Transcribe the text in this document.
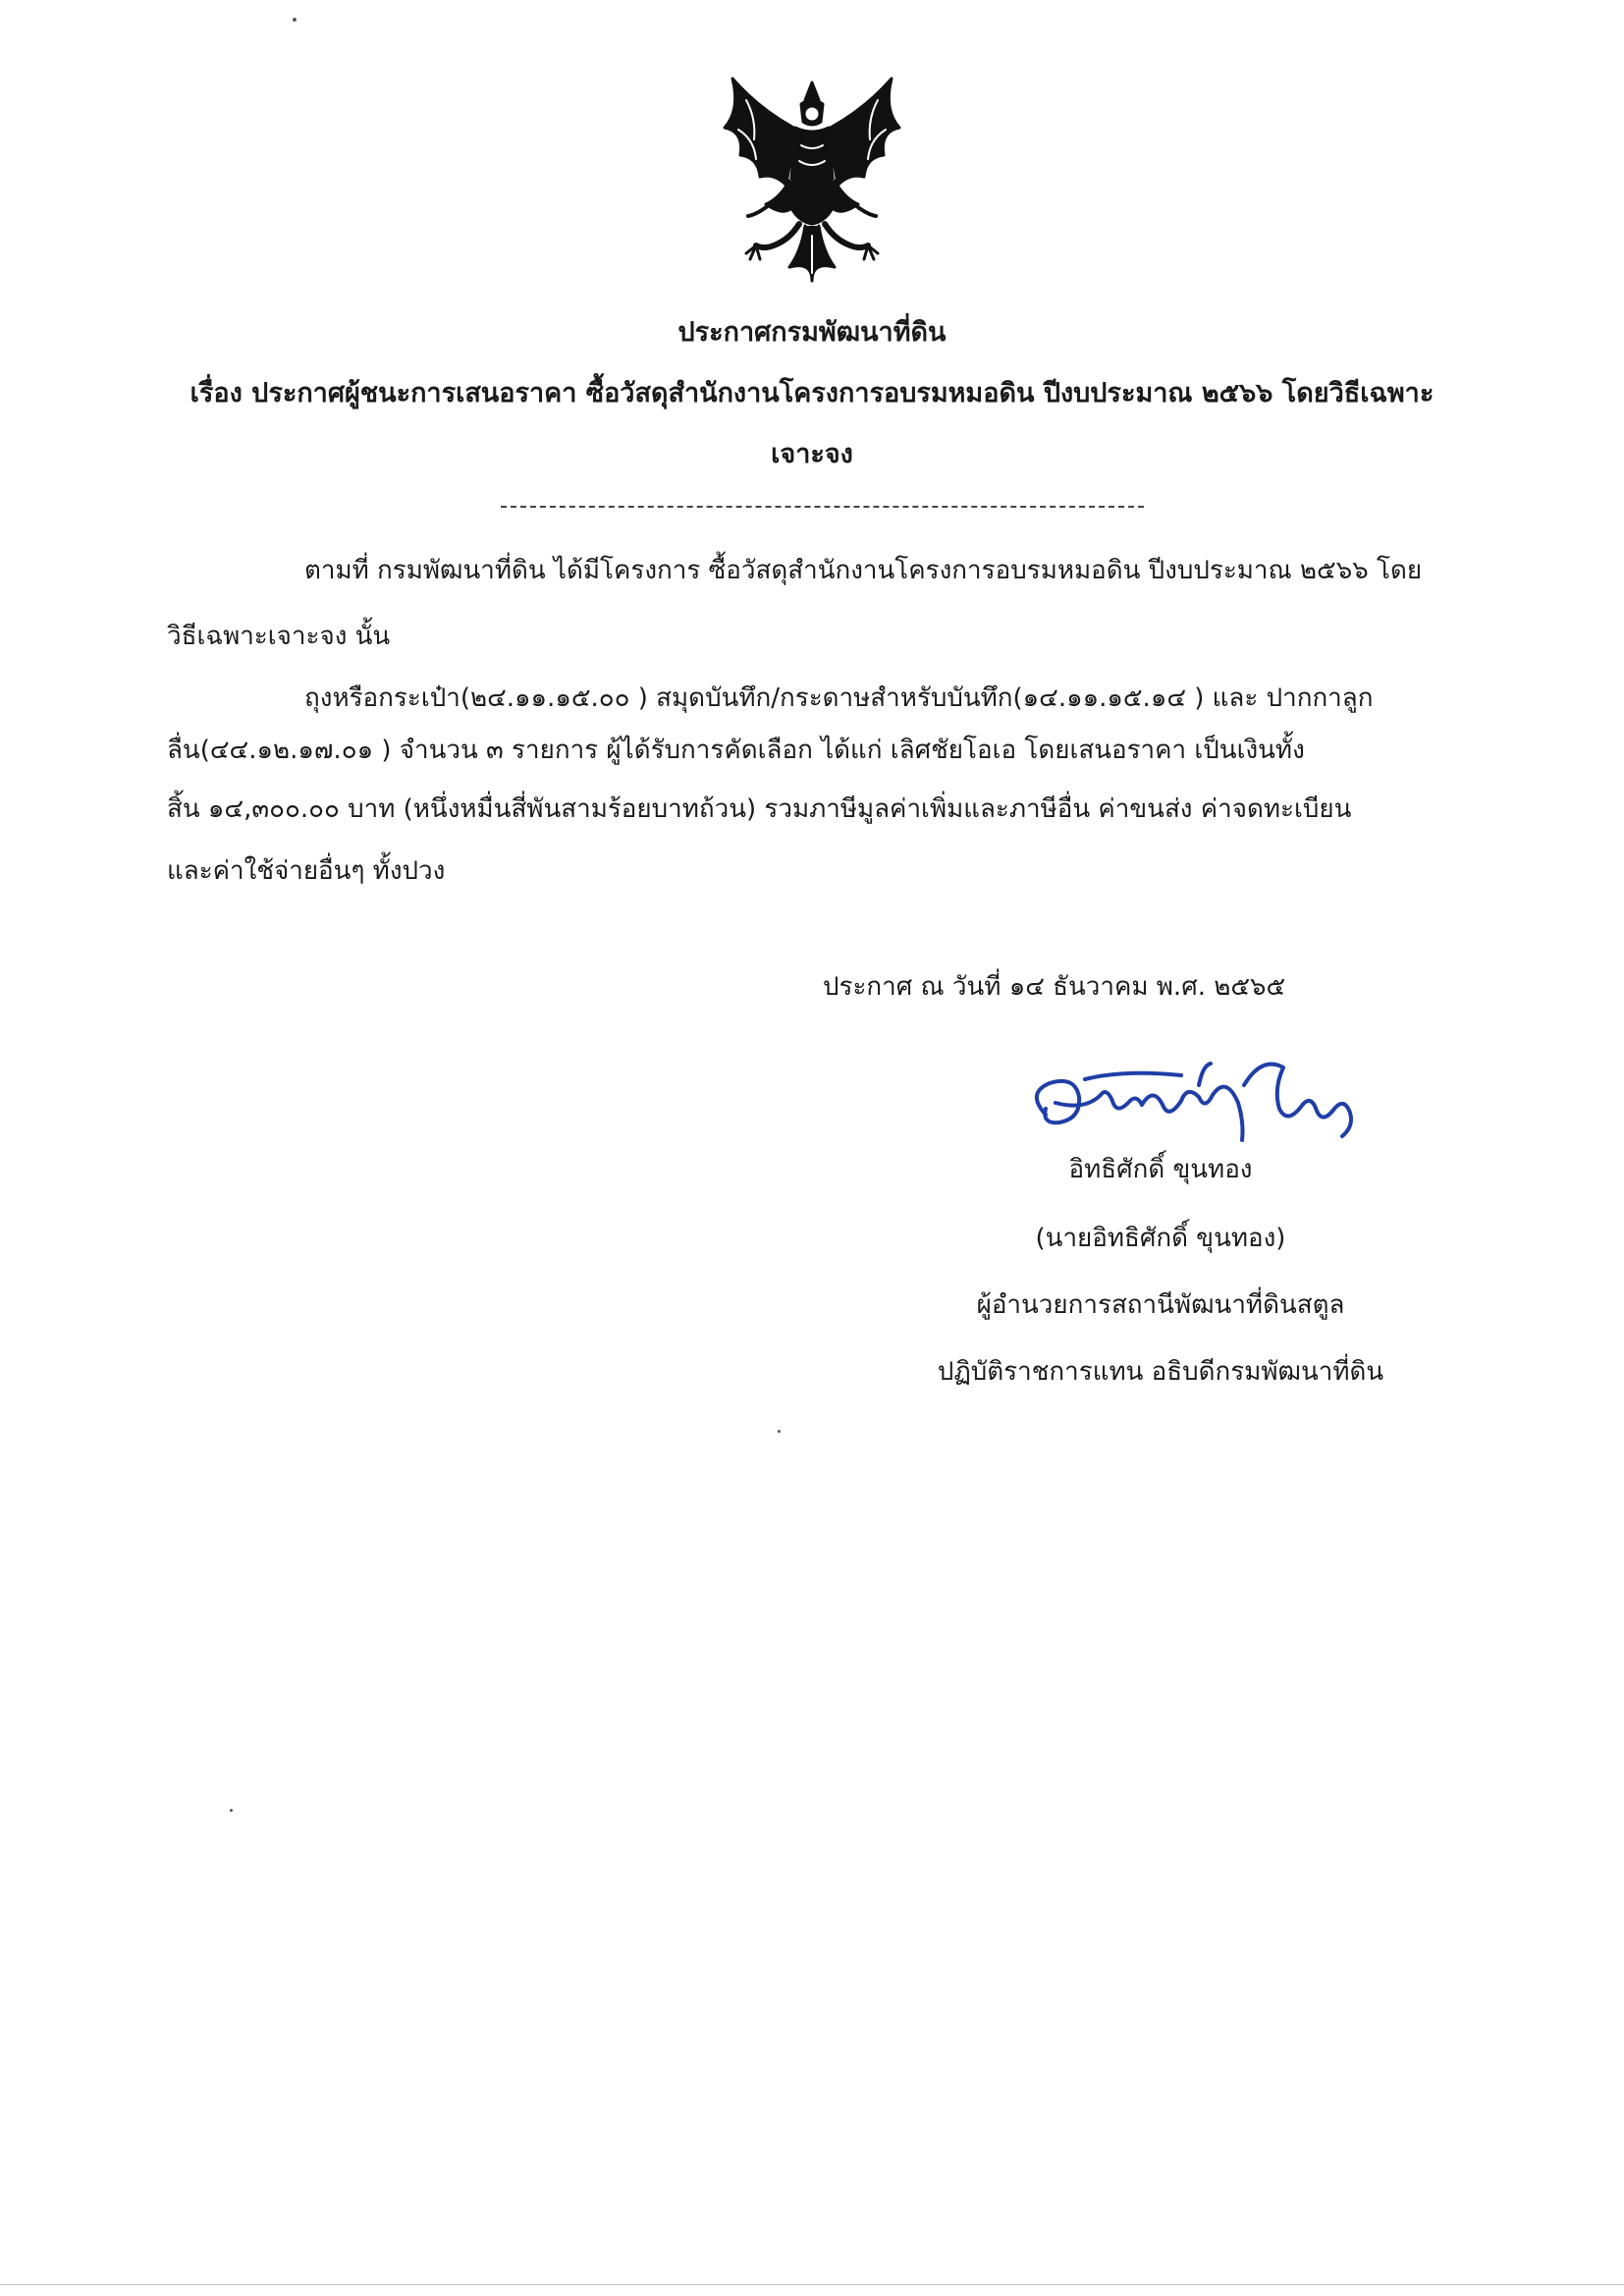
ประกาศกรมพัฒนาที่ดิน
เรื่อง ประกาศผู้ชนะการเสนอราคา ซื้อวัสดุสำนักงานโครงการอบรมหมอดิน ปีงบประมาณ ๒๕๖๖ โดยวิธีเฉพาะ
เจาะจง
ตามที่ กรมพัฒนาที่ดิน ได้มีโครงการ ซื้อวัสดุสำนักงานโครงการอบรมหมอดิน ปีงบประมาณ ๒๕๖๖ โดย
วิธีเฉพาะเจาะจง นั้น
ถุงหรือกระเป๋า(๒๔.๑๑.๑๕.๐๐ ) สมุดบันทึก/กระดาษสำหรับบันทึก(๑๔.๑๑.๑๕.๑๔ ) และ ปากกาลูก
ลื่น(๔๔.๑๒.๑๗.๐๑ ) จำนวน ๓ รายการ ผู้ได้รับการคัดเลือก ได้แก่ เลิศชัยโอเอ โดยเสนอราคา เป็นเงินทั้ง
สิ้น ๑๔,๓๐๐.๐๐ บาท (หนึ่งหมื่นสี่พันสามร้อยบาทถ้วน) รวมภาษีมูลค่าเพิ่มและภาษีอื่น ค่าขนส่ง ค่าจดทะเบียน
และค่าใช้จ่ายอื่นๆ ทั้งปวง
ประกาศ ณ วันที่ ๑๔ ธันวาคม พ.ศ. ๒๕๖๕
อิทธิศักดิ์ ขุนทอง
(นายอิทธิศักดิ์ ขุนทอง)
ผู้อำนวยการสถานีพัฒนาที่ดินสตูล
ปฏิบัติราชการแทน อธิบดีกรมพัฒนาที่ดิน
